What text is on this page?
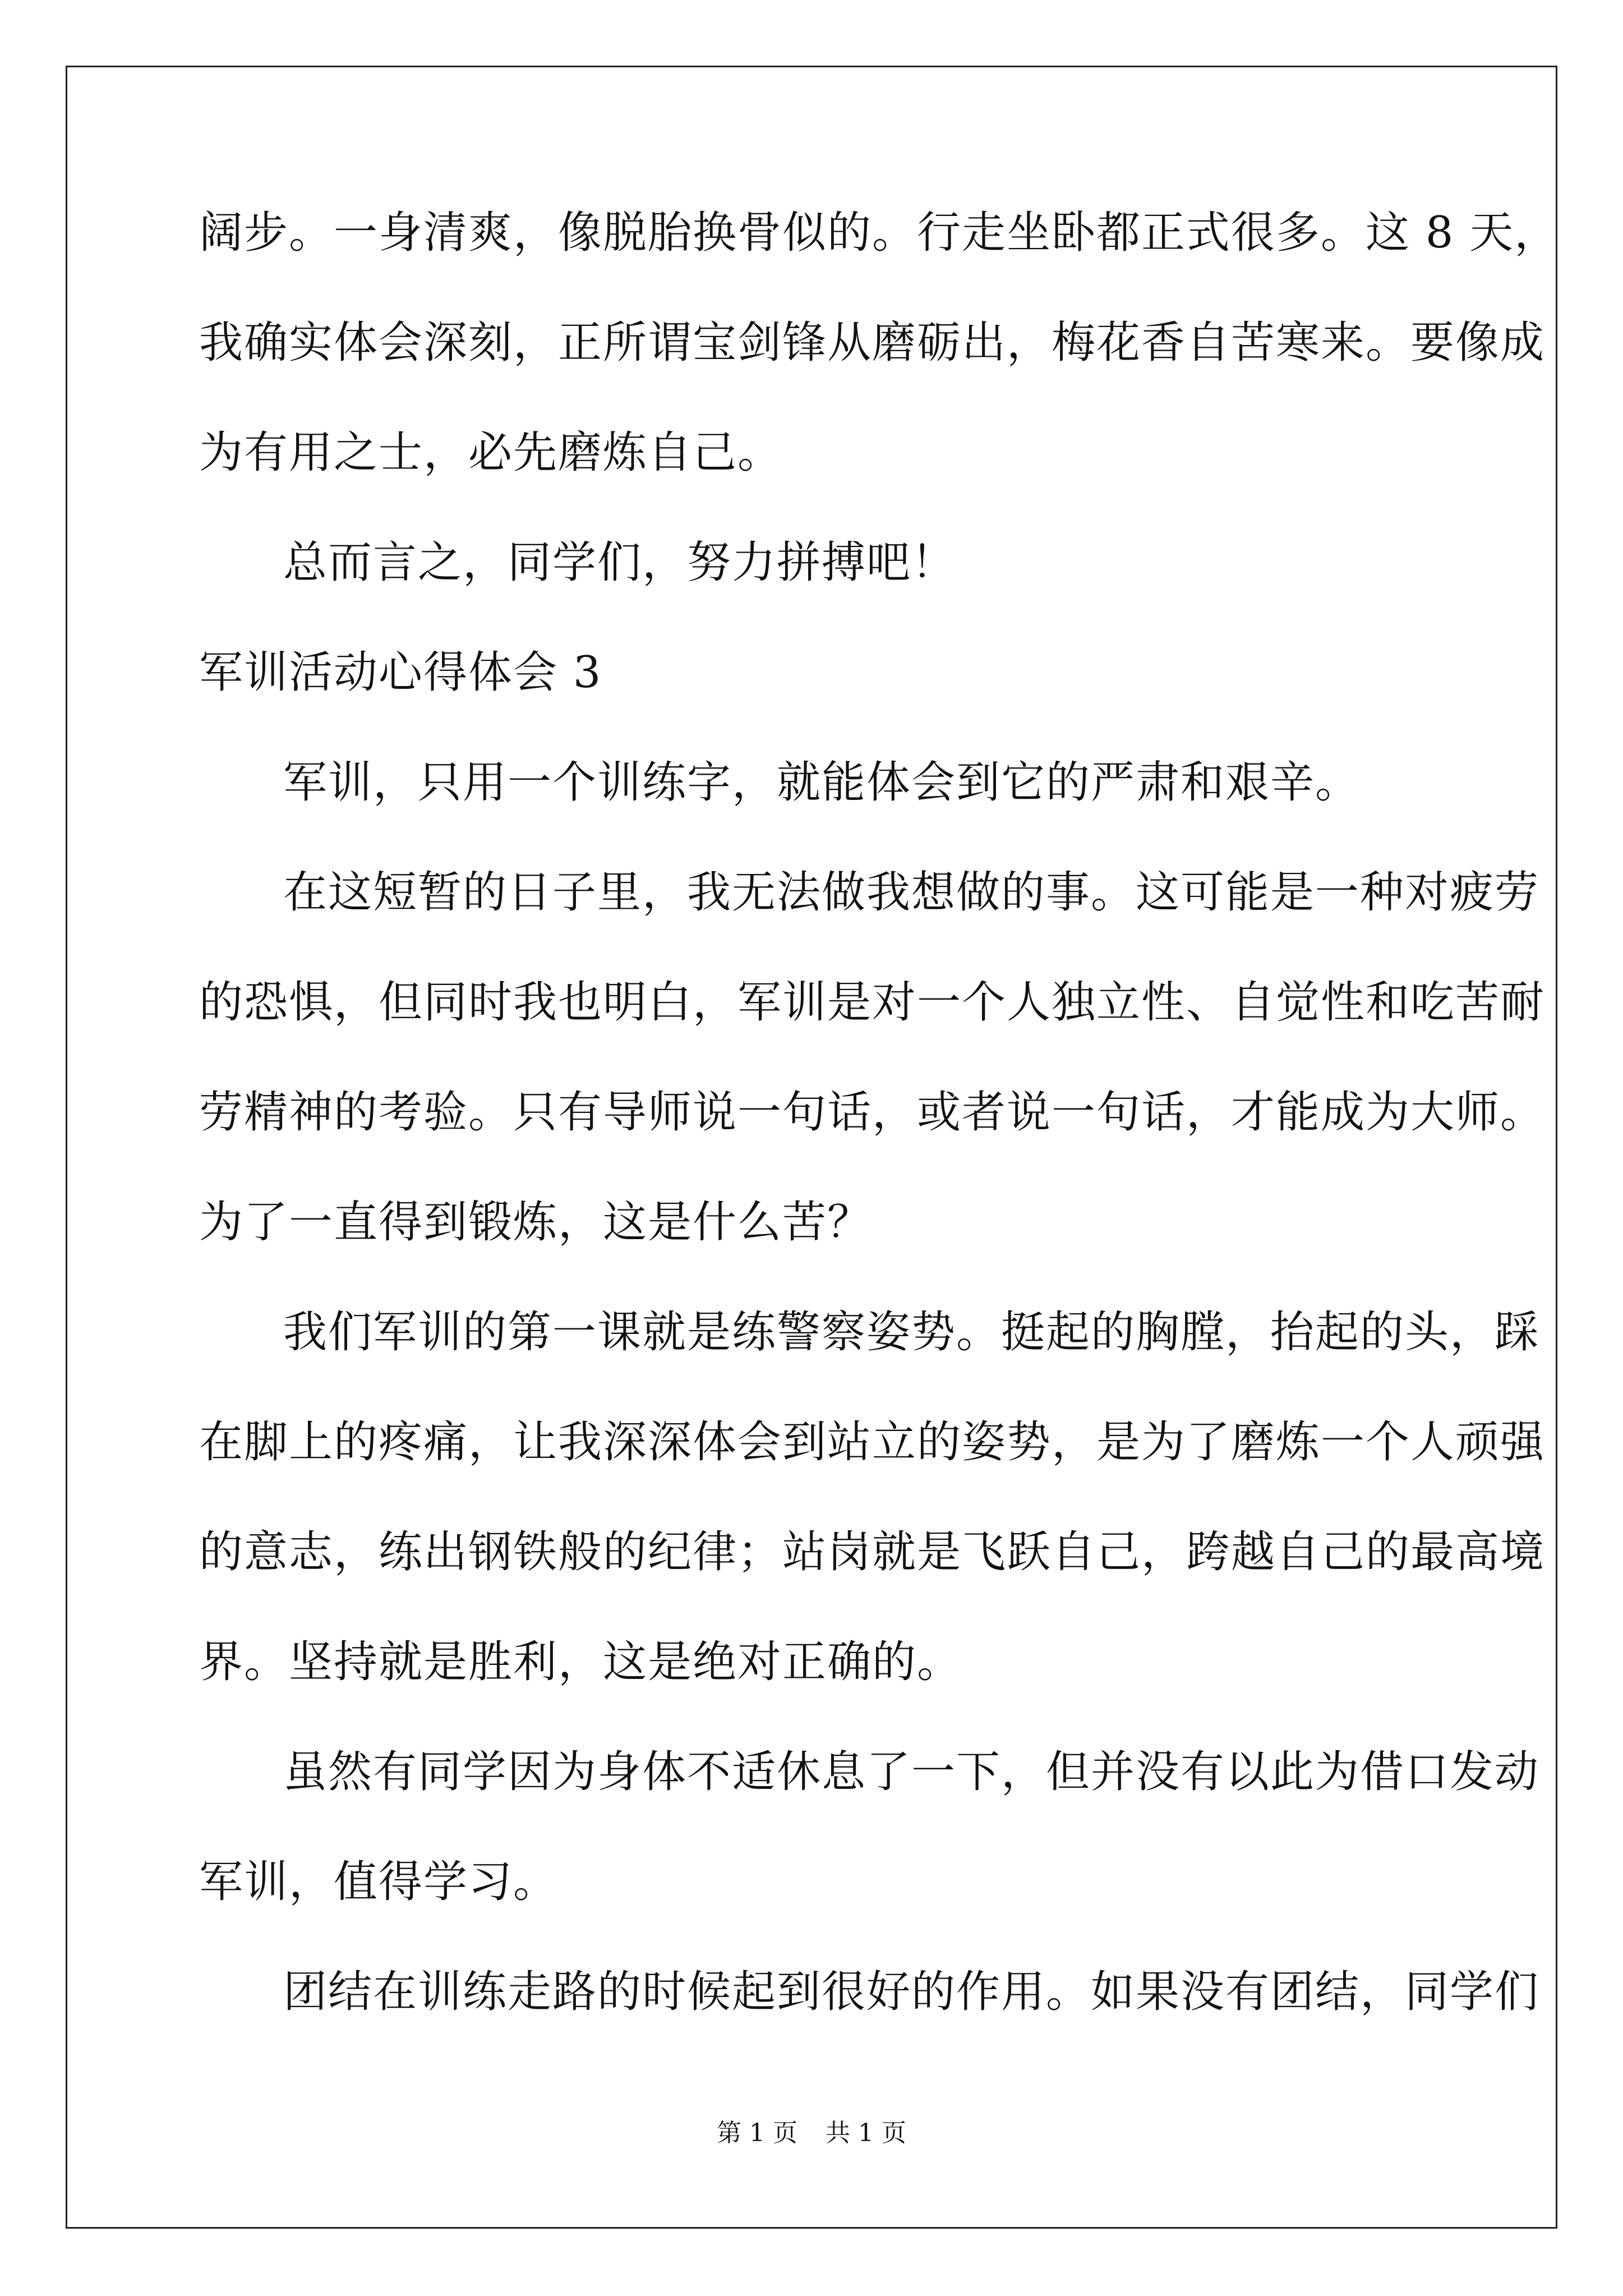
阔步。一身清爽，像脱胎换骨似的。行走坐卧都正式很多。这 8 天，
我确实体会深刻，正所谓宝剑锋从磨砺出，梅花香自苦寒来。要像成
为有用之士，必先磨炼自己。
总而言之，同学们，努力拼搏吧！
军训活动心得体会 3
军训，只用一个训练字，就能体会到它的严肃和艰辛。
在这短暂的日子里，我无法做我想做的事。这可能是一种对疲劳
的恐惧，但同时我也明白，军训是对一个人独立性、自觉性和吃苦耐
劳精神的考验。只有导师说一句话，或者说一句话，才能成为大师。
为了一直得到锻炼，这是什么苦？
我们军训的第一课就是练警察姿势。挺起的胸膛，抬起的头，踩
在脚上的疼痛，让我深深体会到站立的姿势，是为了磨炼一个人顽强
的意志，练出钢铁般的纪律；站岗就是飞跃自己，跨越自己的最高境
界。坚持就是胜利，这是绝对正确的。
虽然有同学因为身体不适休息了一下，但并没有以此为借口发动
军训，值得学习。
团结在训练走路的时候起到很好的作用。如果没有团结，同学们
第 1 页 共 1 页
